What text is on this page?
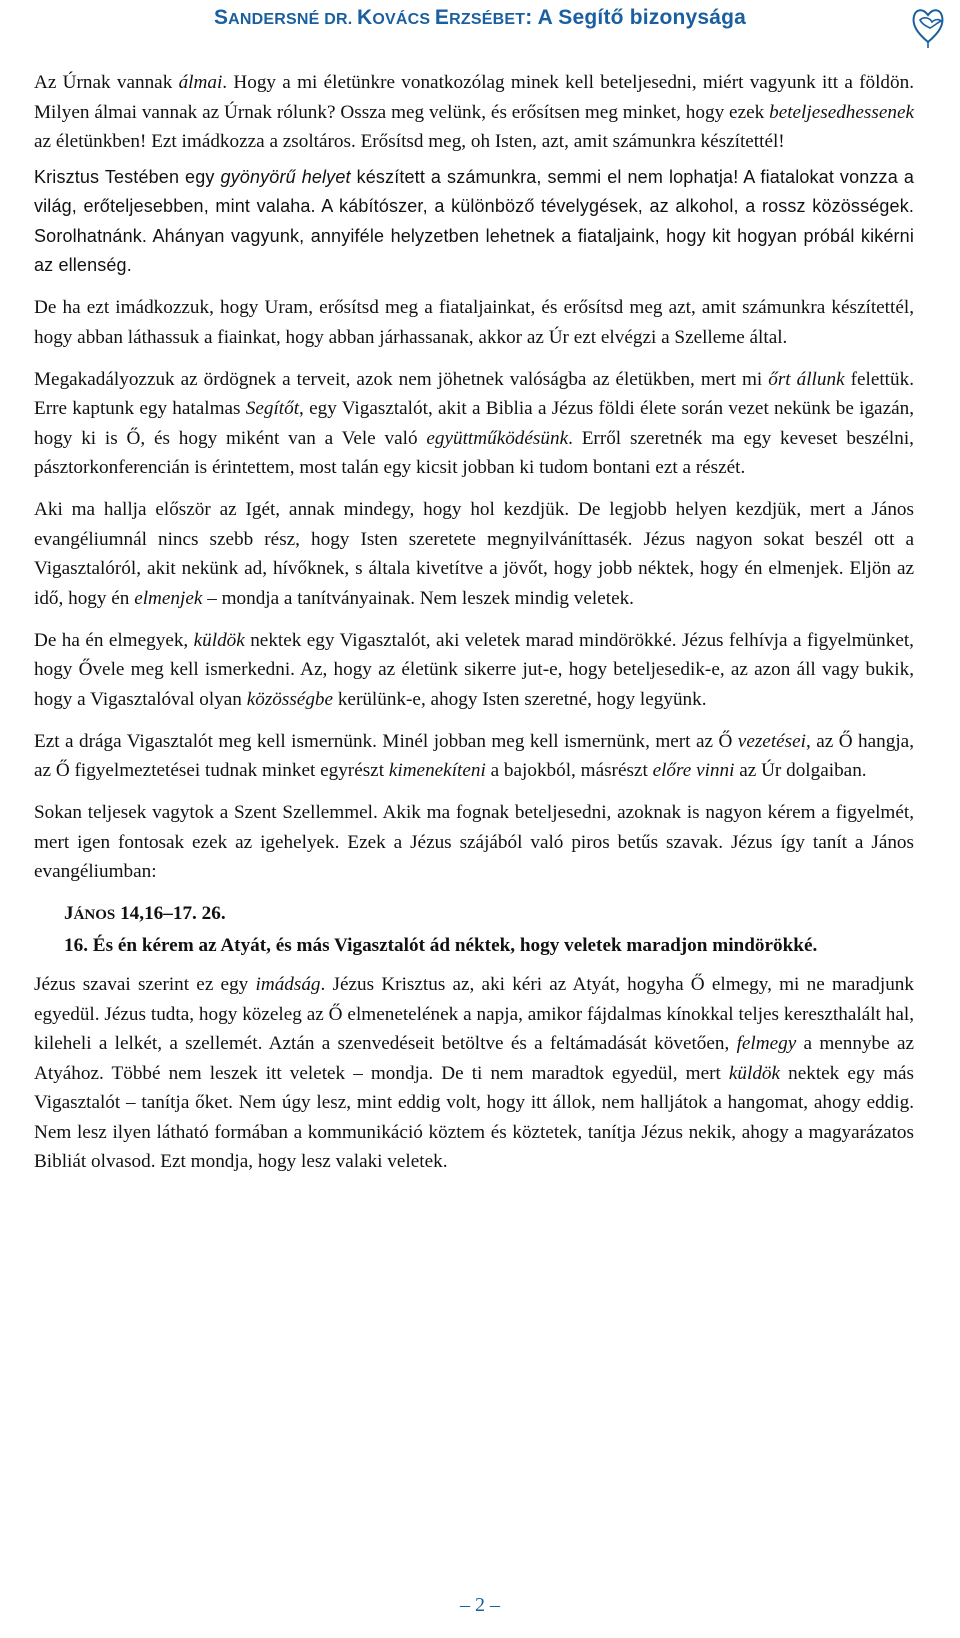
SANDERSNÉ DR. KOVÁCS ERZSÉBET: A Segítő bizonysága

Az Úrnak vannak álmai. Hogy a mi életünkre vonatkozólag minek kell beteljesedni, miért vagyunk itt a földön. Milyen álmai vannak az Úrnak rólunk? Ossza meg velünk, és erősítsen meg minket, hogy ezek beteljesedhessenek az életünkben! Ezt imádkozza a zsoltáros. Erősítsd meg, oh Isten, azt, amit számunkra készítettél!

Krisztus Testében egy gyönyörű helyet készített a számunkra, semmi el nem lophatja! A fiatalokat vonzza a világ, erőteljesebben, mint valaha. A kábítószer, a különböző tévelygések, az alkohol, a rossz közösségek. Sorolhatnánk. Ahányan vagyunk, annyiféle helyzetben lehetnek a fiataljaink, hogy kit hogyan próbál kikérni az ellenség.

De ha ezt imádkozzuk, hogy Uram, erősítsd meg a fiataljainkat, és erősítsd meg azt, amit számunkra készítettél, hogy abban láthassuk a fiainkat, hogy abban járhassanak, akkor az Úr ezt elvégzi a Szelleme által.

Megakadályozzuk az ördögnek a terveit, azok nem jöhetnek valóságba az életükben, mert mi őrt állunk felettük. Erre kaptunk egy hatalmas Segítőt, egy Vigasztalót, akit a Biblia a Jézus földi élete során vezet nekünk be igazán, hogy ki is Ő, és hogy miként van a Vele való együttműködésünk. Erről szeretnék ma egy keveset beszélni, pásztorkonferencián is érintettem, most talán egy kicsit jobban ki tudom bontani ezt a részét.

Aki ma hallja először az Igét, annak mindegy, hogy hol kezdjük. De legjobb helyen kezdjük, mert a János evangéliumnál nincs szebb rész, hogy Isten szeretete megnyilváníttasék. Jézus nagyon sokat beszél ott a Vigasztalóról, akit nekünk ad, hívőknek, s általa kivetítve a jövőt, hogy jobb néktek, hogy én elmenjek. Eljön az idő, hogy én elmenjek – mondja a tanítványainak. Nem leszek mindig veletek.

De ha én elmegyek, küldök nektek egy Vigasztalót, aki veletek marad mindörökké. Jézus felhívja a figyelmünket, hogy Ővele meg kell ismerkedni. Az, hogy az életünk sikerre jut-e, hogy beteljesedik-e, az azon áll vagy bukik, hogy a Vigasztalóval olyan közösségbe kerülünk-e, ahogy Isten szeretné, hogy legyünk.

Ezt a drága Vigasztalót meg kell ismernünk. Minél jobban meg kell ismernünk, mert az Ő vezetései, az Ő hangja, az Ő figyelmeztetései tudnak minket egyrészt kimenekíteni a bajokból, másrészt előre vinni az Úr dolgaiban.

Sokan teljesek vagytok a Szent Szellemmel. Akik ma fognak beteljesedni, azoknak is nagyon kérem a figyelmét, mert igen fontosak ezek az igehelyek. Ezek a Jézus szájából való piros betűs szavak. Jézus így tanít a János evangéliumban:

JÁNOS 14,16–17. 26.

16. És én kérem az Atyát, és más Vigasztalót ád néktek, hogy veletek maradjon mindörökké.

Jézus szavai szerint ez egy imádság. Jézus Krisztus az, aki kéri az Atyát, hogyha Ő elmegy, mi ne maradjunk egyedül. Jézus tudta, hogy közeleg az Ő elmenetelének a napja, amikor fájdalmas kínokkal teljes kereszthalált hal, kileheli a lelkét, a szellemét. Aztán a szenvedéseit betöltve és a feltámadását követően, felmegy a mennybe az Atyához. Többé nem leszek itt veletek – mondja. De ti nem maradtok egyedül, mert küldök nektek egy más Vigasztalót – tanítja őket. Nem úgy lesz, mint eddig volt, hogy itt állok, nem halljátok a hangomat, ahogy eddig. Nem lesz ilyen látható formában a kommunikáció köztem és köztetek, tanítja Jézus nekik, ahogy a magyarázatos Bibliát olvasod. Ezt mondja, hogy lesz valaki veletek.

– 2 –
